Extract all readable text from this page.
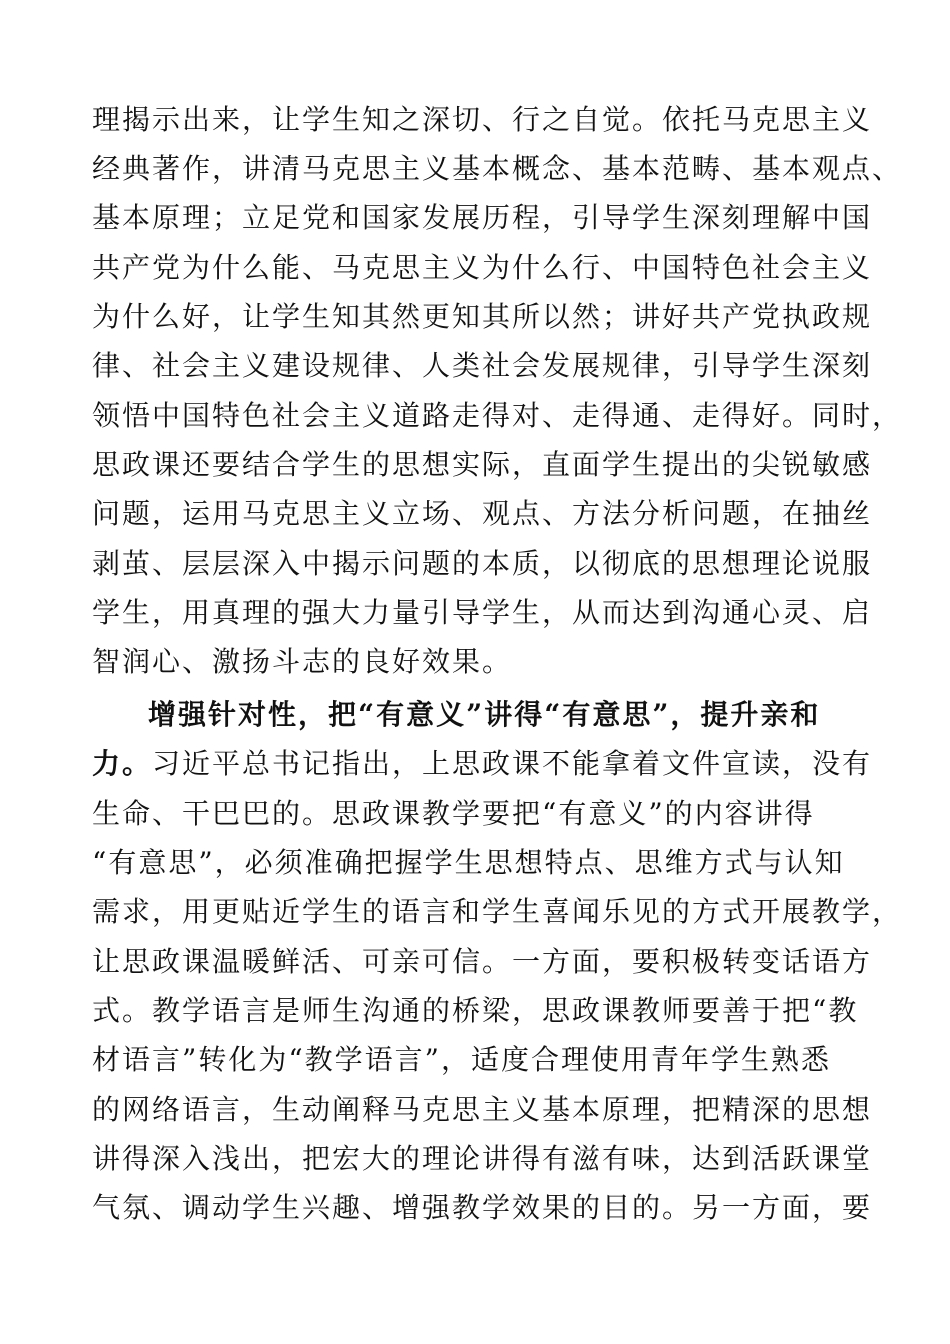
理揭示出来，让学生知之深切、行之自觉。依托马克思主义
经典著作，讲清马克思主义基本概念、基本范畴、基本观点、
基本原理；立足党和国家发展历程，引导学生深刻理解中国
共产党为什么能、马克思主义为什么行、中国特色社会主义
为什么好，让学生知其然更知其所以然；讲好共产党执政规
律、社会主义建设规律、人类社会发展规律，引导学生深刻
领悟中国特色社会主义道路走得对、走得通、走得好。同时，
思政课还要结合学生的思想实际，直面学生提出的尖锐敏感
问题，运用马克思主义立场、观点、方法分析问题，在抽丝
剥茧、层层深入中揭示问题的本质，以彻底的思想理论说服
学生，用真理的强大力量引导学生，从而达到沟通心灵、启
智润心、激扬斗志的良好效果。
增强针对性，把“有意义”讲得“有意思”，提升亲和
力。习近平总书记指出，上思政课不能拿着文件宣读，没有
生命、干巴巴的。思政课教学要把“有意义”的内容讲得
“有意思”，必须准确把握学生思想特点、思维方式与认知
需求，用更贴近学生的语言和学生喜闻乐见的方式开展教学，
让思政课温暖鲜活、可亲可信。一方面，要积极转变话语方
式。教学语言是师生沟通的桥梁，思政课教师要善于把“教
材语言”转化为“教学语言”，适度合理使用青年学生熟悉
的网络语言，生动阐释马克思主义基本原理，把精深的思想
讲得深入浅出，把宏大的理论讲得有滋有味，达到活跃课堂
气氛、调动学生兴趣、增强教学效果的目的。另一方面，要
